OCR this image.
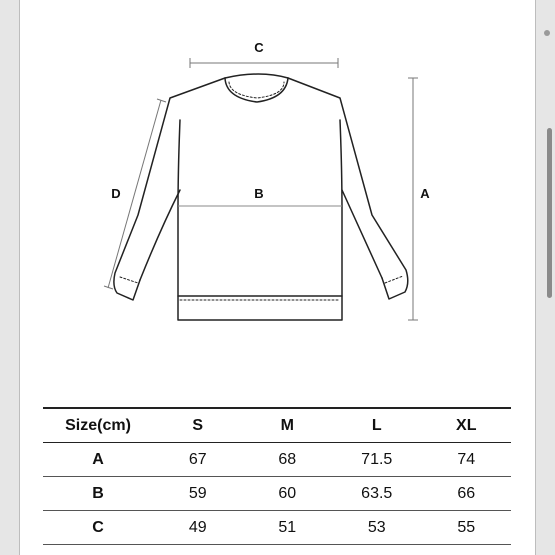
C
D	B	A
Size(cm)	S	M	L	XL
A	67	68	71.5	74
B	59	60	63.5	66
C	49	51	53	55
